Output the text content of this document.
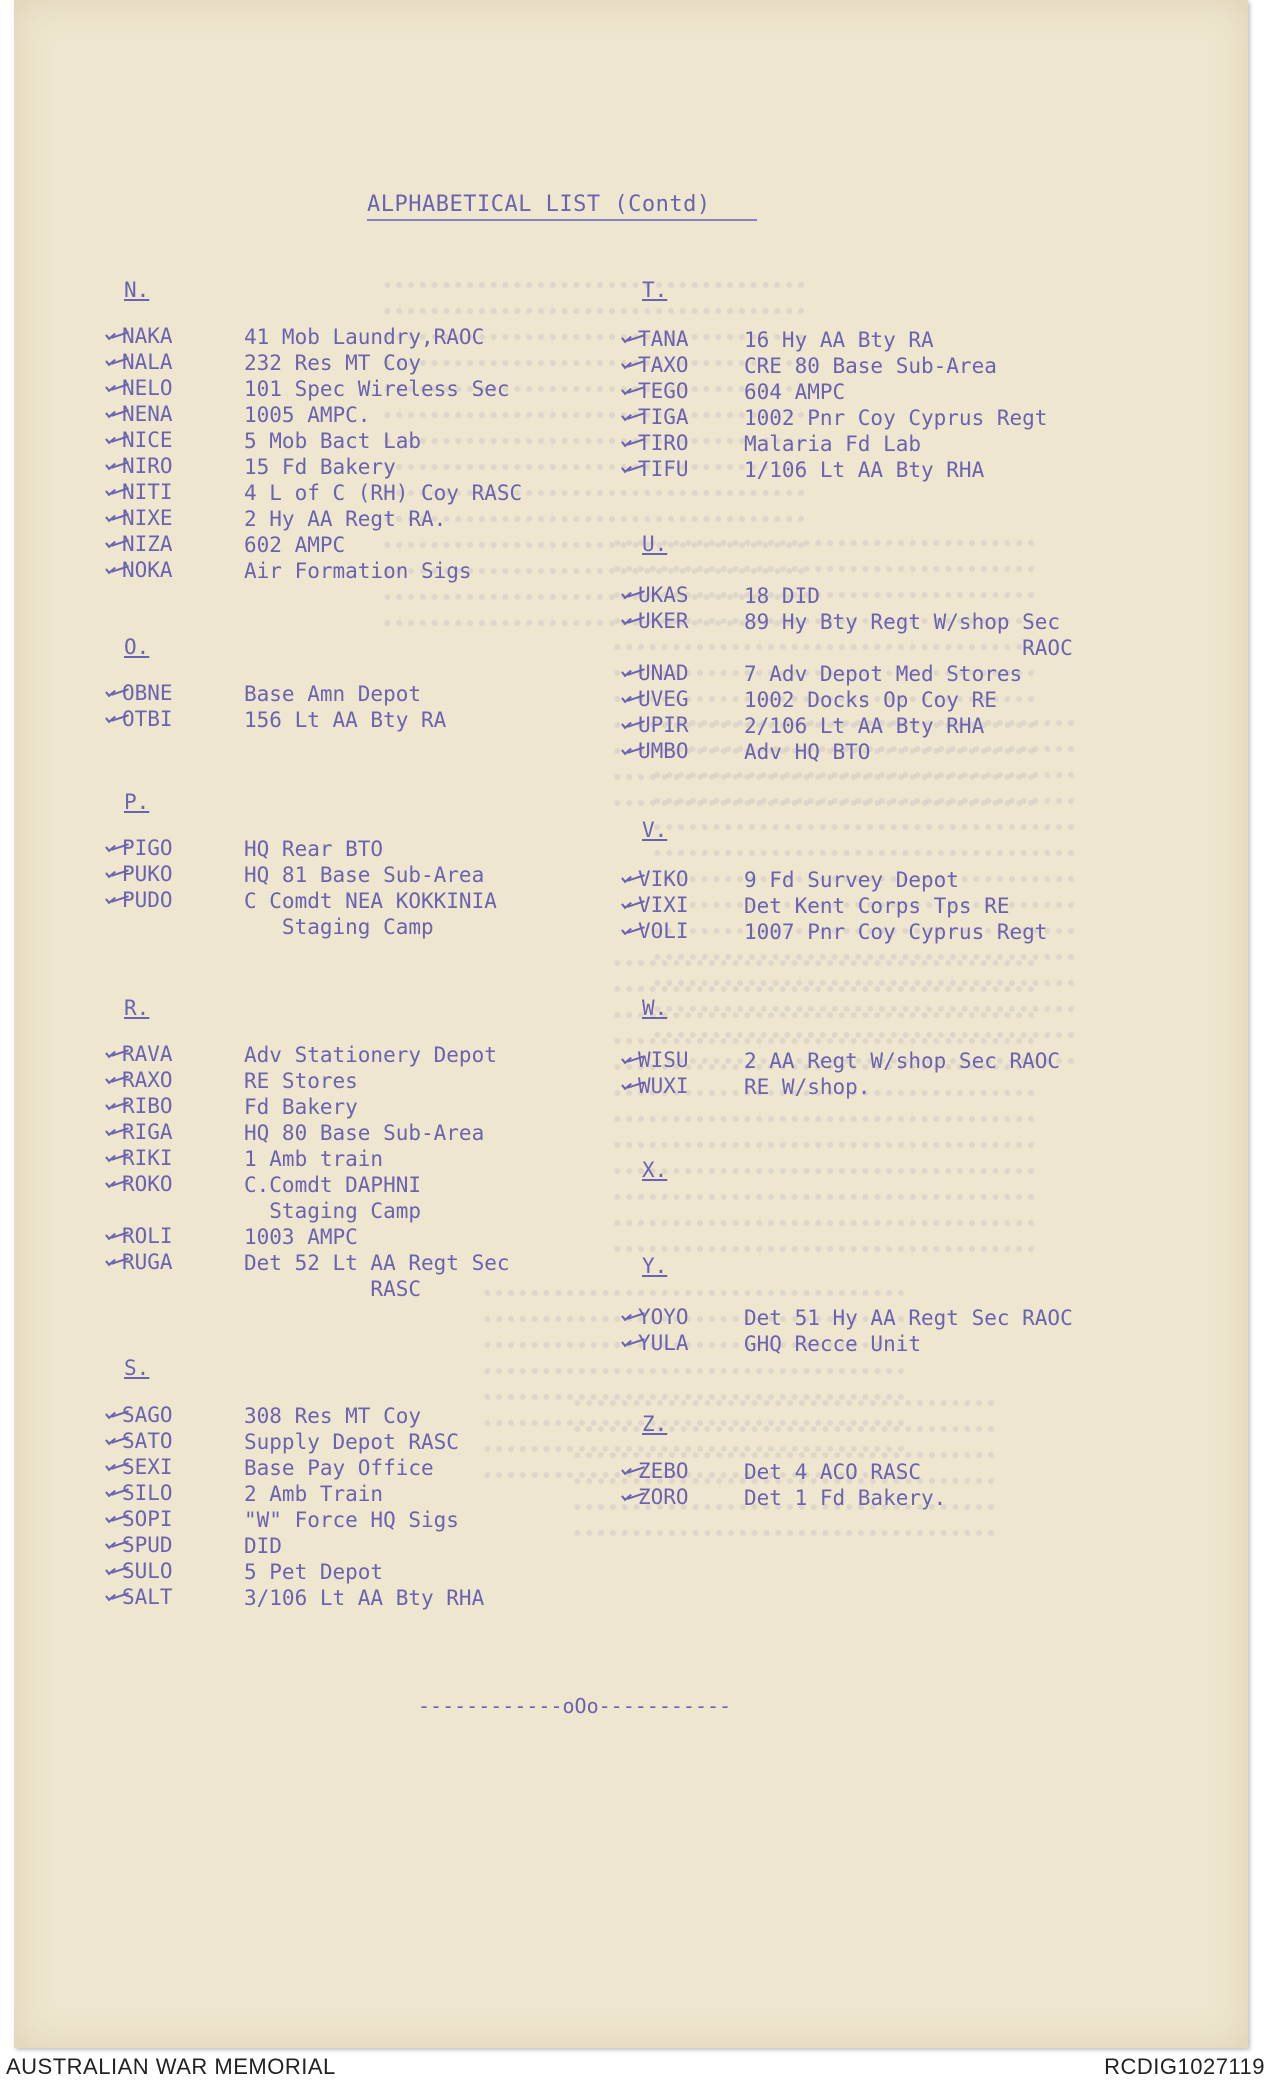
ALPHABETICAL LIST (Contd)
N.
NAKA	41 Mob Laundry,RAOC
NALA	232 Res MT Coy
NELO	101 Spec Wireless Sec
NENA	1005 AMPC.
NICE	5 Mob Bact Lab
NIRO	15 Fd Bakery
NITI	4 L of C (RH) Coy RASC
NIXE	2 Hy AA Regt RA.
NIZA	602 AMPC
NOKA	Air Formation Sigs
O.
OBNE	Base Amn Depot
OTBI	156 Lt AA Bty RA
P.
PIGO	HQ Rear BTO
PUKO	HQ 81 Base Sub-Area
PUDO	C Comdt NEA KOKKINIA
Staging Camp
R.
RAVA	Adv Stationery Depot
RAXO	RE Stores
RIBO	Fd Bakery
RIGA	HQ 80 Base Sub-Area
RIKI	1 Amb train
ROKO	C.Comdt DAPHNI
Staging Camp
ROLI	1003 AMPC
RUGA	Det 52 Lt AA Regt Sec
RASC
S.
SAGO	308 Res MT Coy
SATO	Supply Depot RASC
SEXI	Base Pay Office
SILO	2 Amb Train
SOPI	"W" Force HQ Sigs
SPUD	DID
SULO	5 Pet Depot
SALT	3/106 Lt AA Bty RHA
T.
TANA	16 Hy AA Bty RA
TAXO	CRE 80 Base Sub-Area
TEGO	604 AMPC
TIGA	1002 Pnr Coy Cyprus Regt
TIRO	Malaria Fd Lab
TIFU	1/106 Lt AA Bty RHA
U.
UKAS	18 DID
UKER	89 Hy Bty Regt W/shop Sec
RAOC
UNAD	7 Adv Depot Med Stores
UVEG	1002 Docks Op Coy RE
UPIR	2/106 Lt AA Bty RHA
UMBO	Adv HQ BTO
V.
VIKO	9 Fd Survey Depot
VIXI	Det Kent Corps Tps RE
VOLI	1007 Pnr Coy Cyprus Regt
W.
WISU	2 AA Regt W/shop Sec RAOC
WUXI	RE W/shop.
X.
Y.
YOYO	Det 51 Hy AA Regt Sec RAOC
YULA	GHQ Recce Unit
Z.
ZEBO	Det 4 ACO RASC
ZORO	Det 1 Fd Bakery.
------------oOo-----------
AUSTRALIAN WAR MEMORIAL	RCDIG1027119
